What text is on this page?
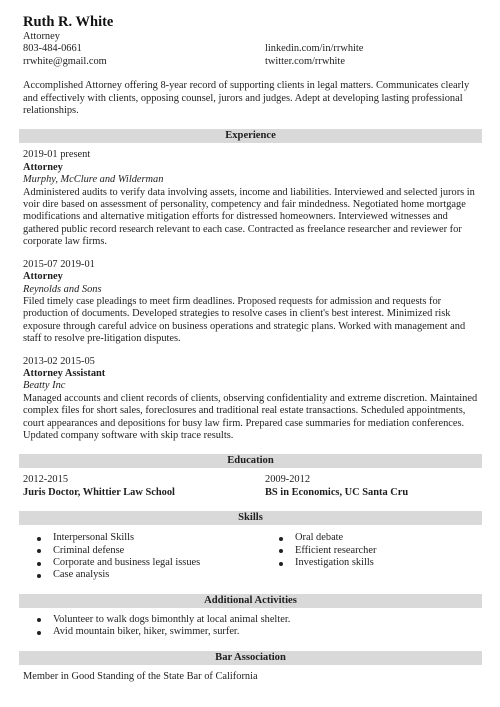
Ruth R. White
Attorney
803-484-0661
rrwhite@gmail.com

linkedin.com/in/rrwhite
twitter.com/rrwhite
Accomplished Attorney offering 8-year record of supporting clients in legal matters. Communicates clearly and effectively with clients, opposing counsel, jurors and judges. Adept at developing lasting professional relationships.
Experience
2019-01 present
Attorney
Murphy, McClure and Wilderman
Administered audits to verify data involving assets, income and liabilities. Interviewed and selected jurors in voir dire based on assessment of personality, competency and fair mindedness. Negotiated home mortgage modifications and alternative mitigation efforts for distressed homeowners. Interviewed witnesses and gathered public record research relevant to each case. Contracted as freelance researcher and reviewer for corporate law firms.
2015-07 2019-01
Attorney
Reynolds and Sons
Filed timely case pleadings to meet firm deadlines. Proposed requests for admission and requests for production of documents. Developed strategies to resolve cases in client's best interest. Minimized risk exposure through careful advice on business operations and strategic plans. Worked with management and staff to resolve pre-litigation disputes.
2013-02 2015-05
Attorney Assistant
Beatty Inc
Managed accounts and client records of clients, observing confidentiality and extreme discretion. Maintained complex files for short sales, foreclosures and traditional real estate transactions. Scheduled appointments, court appearances and depositions for busy law firm. Prepared case summaries for mediation conferences. Updated company software with skip trace results.
Education
2012-2015
Juris Doctor, Whittier Law School
2009-2012
BS in Economics, UC Santa Cru
Skills
Interpersonal Skills
Criminal defense
Corporate and business legal issues
Case analysis
Oral debate
Efficient researcher
Investigation skills
Additional Activities
Volunteer to walk dogs bimonthly at local animal shelter.
Avid mountain biker, hiker, swimmer, surfer.
Bar Association
Member in Good Standing of the State Bar of California
